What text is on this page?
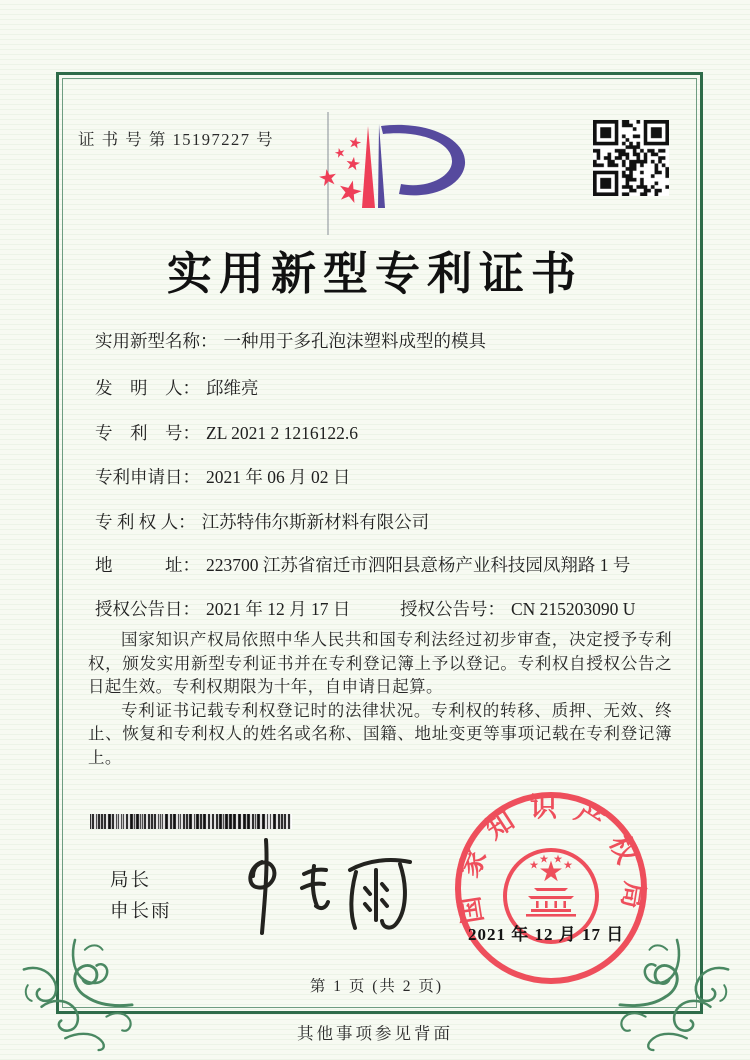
证 书 号 第 15197227 号
实用新型专利证书
实用新型名称： 一种用于多孔泡沫塑料成型的模具
发　明　人： 邱维亮
专　利　号： ZL 2021 2 1216122.6
专利申请日： 2021 年 06 月 02 日
专 利 权 人： 江苏特伟尔斯新材料有限公司
地　　　址： 223700 江苏省宿迁市泗阳县意杨产业科技园凤翔路 1 号
授权公告日： 2021 年 12 月 17 日	授权公告号： CN 215203090 U

国家知识产权局依照中华人民共和国专利法经过初步审查，决定授予专利权，颁发实用新型专利证书并在专利登记簿上予以登记。专利权自授权公告之日起生效。专利权期限为十年，自申请日起算。

专利证书记载专利权登记时的法律状况。专利权的转移、质押、无效、终止、恢复和专利权人的姓名或名称、国籍、地址变更等事项记载在专利登记簿上。

局长
申长雨	国家知识产权局
2021 年 12 月 17 日
第 1 页 (共 2 页)
其他事项参见背面
